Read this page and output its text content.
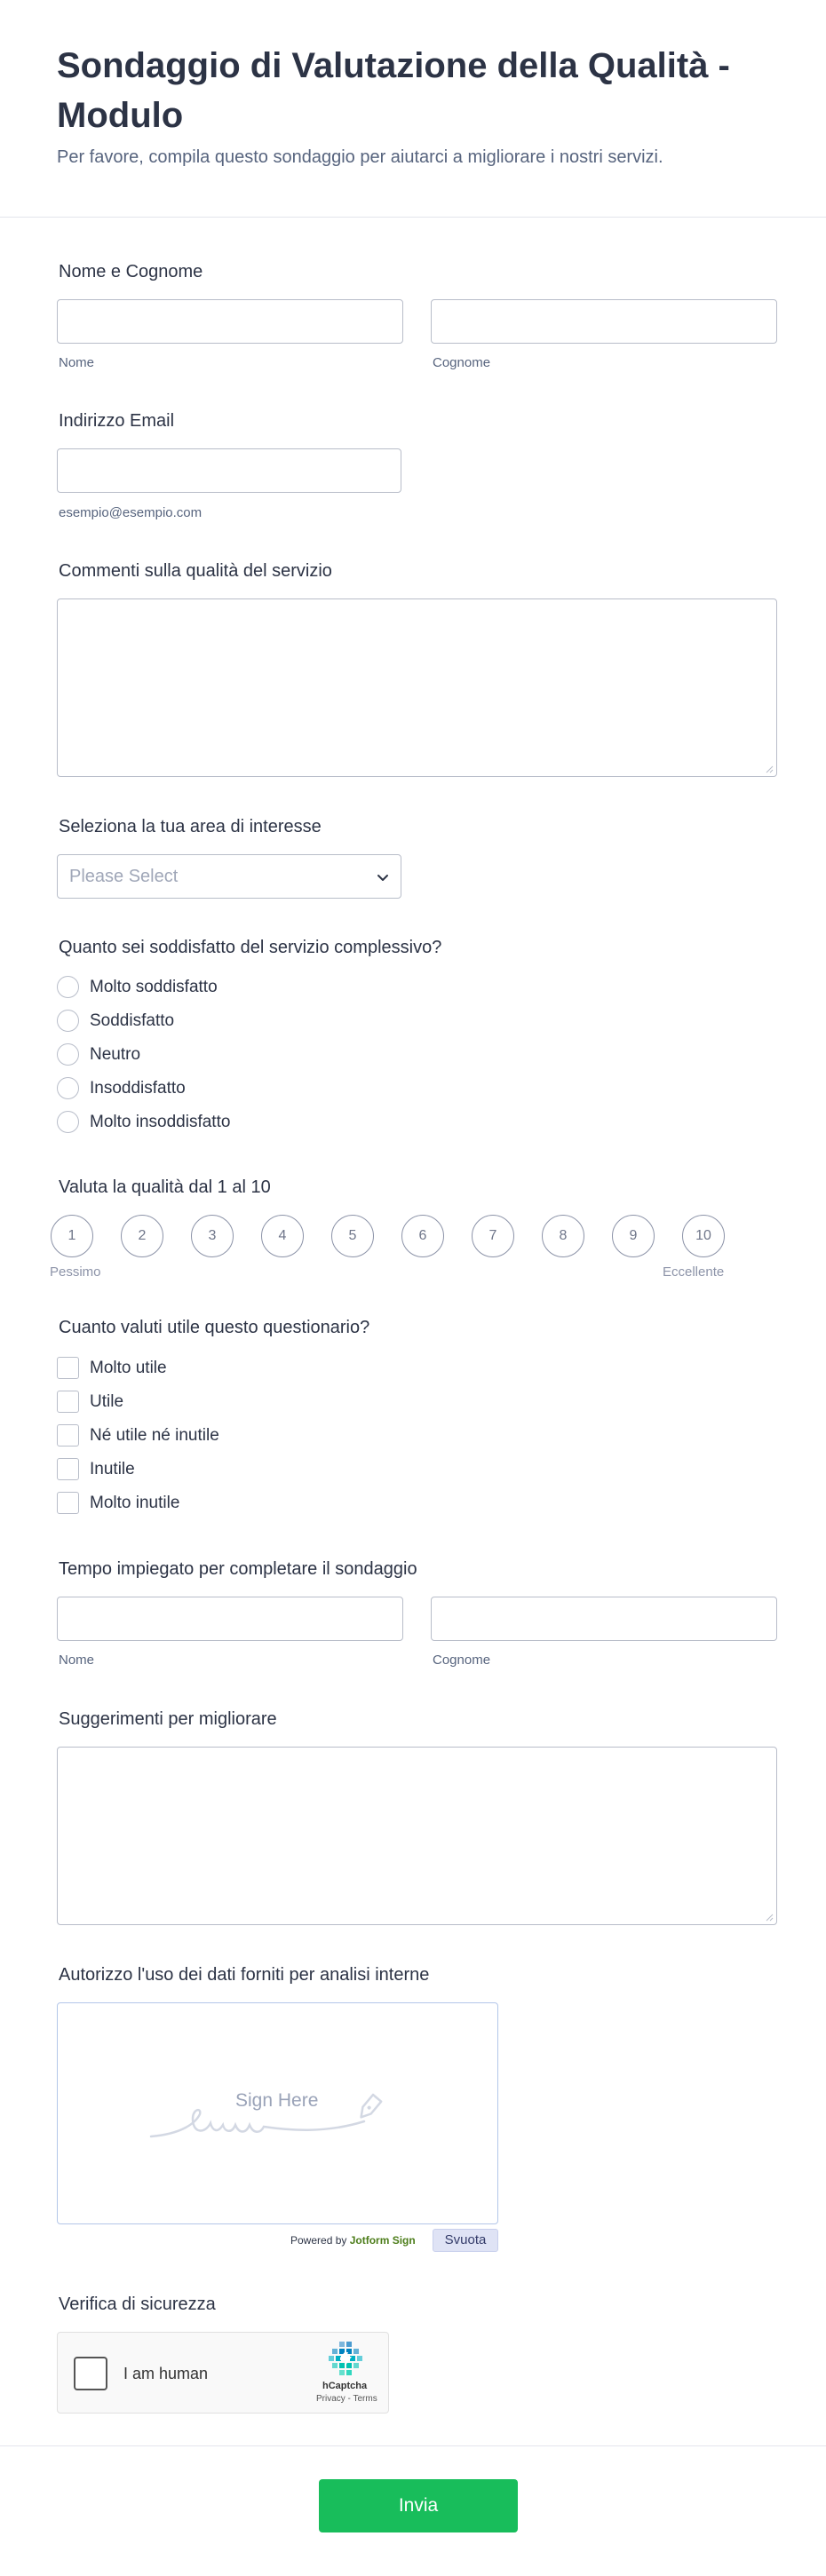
Sondaggio di Valutazione della Qualità - Modulo
Per favore, compila questo sondaggio per aiutarci a migliorare i nostri servizi.
Nome e Cognome
Nome	Cognome
Indirizzo Email
esempio@esempio.com
Commenti sulla qualità del servizio
Seleziona la tua area di interesse
Please Select
Quanto sei soddisfatto del servizio complessivo?
Molto soddisfatto
Soddisfatto
Neutro
Insoddisfatto
Molto insoddisfatto
Valuta la qualità dal 1 al 10
1	2	3	4	5	6	7	8	9	10
Pessimo	Eccellente
Cuanto valuti utile questo questionario?
Molto utile
Utile
Né utile né inutile
Inutile
Molto inutile
Tempo impiegato per completare il sondaggio
Nome	Cognome
Suggerimenti per migliorare
Autorizzo l'uso dei dati forniti per analisi interne
Sign Here
Powered by Jotform Sign	Svuota
Verifica di sicurezza
I am human
hCaptcha
Privacy - Terms
Invia
